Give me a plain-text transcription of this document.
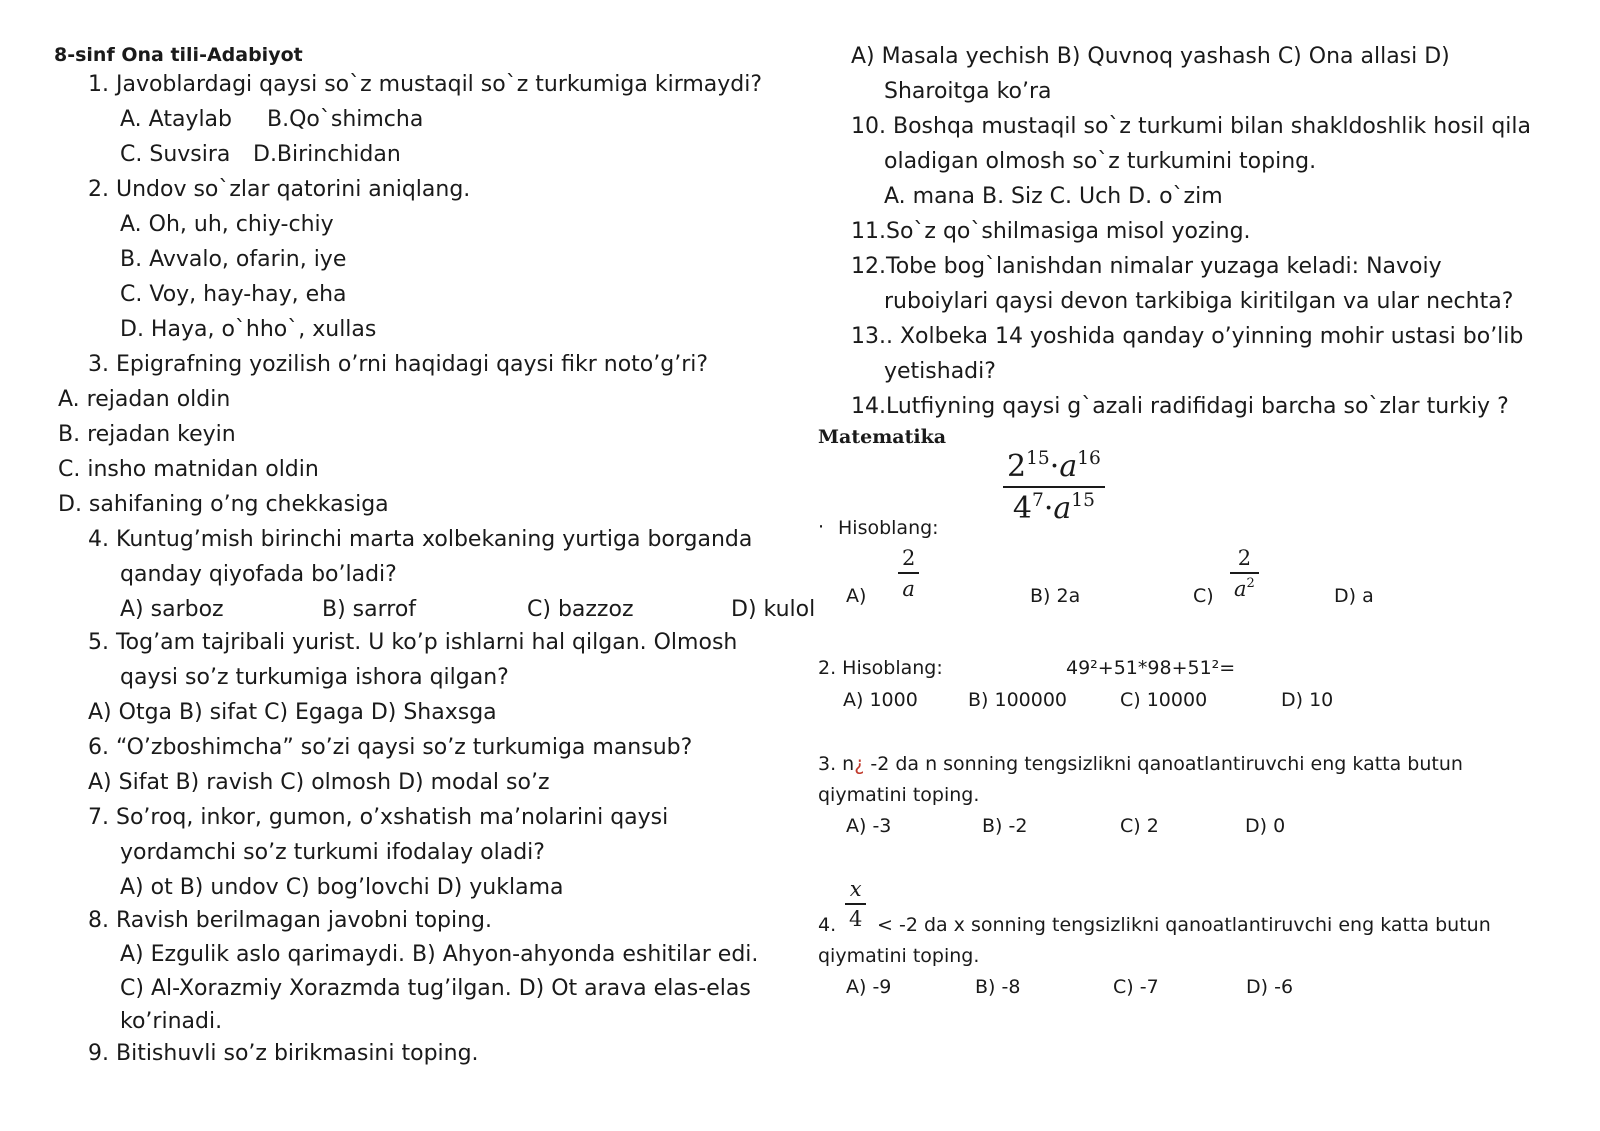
8-sinf Ona tili-Adabiyot
1. Javoblardagi qaysi so`z mustaqil so`z turkumiga kirmaydi?
A. Ataylab B.Qo`shimcha
C. Suvsira D.Birinchidan
2. Undov so`zlar qatorini aniqlang.
A. Oh, uh, chiy-chiy
B. Avvalo, ofarin, iye
C. Voy, hay-hay, eha
D. Haya, o`hho`, xullas
3. Epigrafning yozilish o’rni haqidagi qaysi fikr noto’g’ri?
A. rejadan oldin
B. rejadan keyin
C. insho matnidan oldin
D. sahifaning o’ng chekkasiga
4. Kuntug’mish birinchi marta xolbekaning yurtiga borganda
qanday qiyofada bo’ladi?
A) sarboz	B) sarrof	C) bazzoz	D) kulol
5. Tog’am tajribali yurist. U ko’p ishlarni hal qilgan. Olmosh
qaysi so’z turkumiga ishora qilgan?
A) Otga B) sifat C) Egaga D) Shaxsga
6. “O’zboshimcha” so’zi qaysi so’z turkumiga mansub?
A) Sifat B) ravish C) olmosh D) modal so’z
7. So’roq, inkor, gumon, o’xshatish ma’nolarini qaysi
yordamchi so’z turkumi ifodalay oladi?
A) ot B) undov C) bog’lovchi D) yuklama
8. Ravish berilmagan javobni toping.
A) Ezgulik aslo qarimaydi. B) Ahyon-ahyonda eshitilar edi.
C) Al-Xorazmiy Xorazmda tug’ilgan. D) Ot arava elas-elas
ko’rinadi.
9. Bitishuvli so’z birikmasini toping.
A) Masala yechish B) Quvnoq yashash C) Ona allasi D)
Sharoitga ko’ra
10. Boshqa mustaqil so`z turkumi bilan shakldoshlik hosil qila
oladigan olmosh so`z turkumini toping.
A. mana B. Siz C. Uch D. o`zim
11.So`z qo`shilmasiga misol yozing.
12.Tobe bog`lanishdan nimalar yuzaga keladi: Navoiy
ruboiylari qaysi devon tarkibiga kiritilgan va ular nechta?
13.. Xolbeka 14 yoshida qanday o’yinning mohir ustasi bo’lib
yetishadi?
14.Lutfiyning qaysi g`azali radifidagi barcha so`zlar turkiy ?
Matematika
$2^{15}\cdot a^{16}$
$4^7\cdot a^{15}$
· Hisoblang:
A)
2
a	B) 2a	C)
2
$a^2$
D) a
2. Hisoblang:	49²+51*98+51²=
A) 1000	B) 100000	C) 10000	D) 10
3. n¿ -2 da n sonning tengsizlikni qanoatlantiruvchi eng katta butun
qiymatini toping.
A) -3	B) -2	C) 2	D) 0
x
4
4. < -2 da x sonning tengsizlikni qanoatlantiruvchi eng katta butun
qiymatini toping.
A) -9	B) -8	C) -7	D) -6
